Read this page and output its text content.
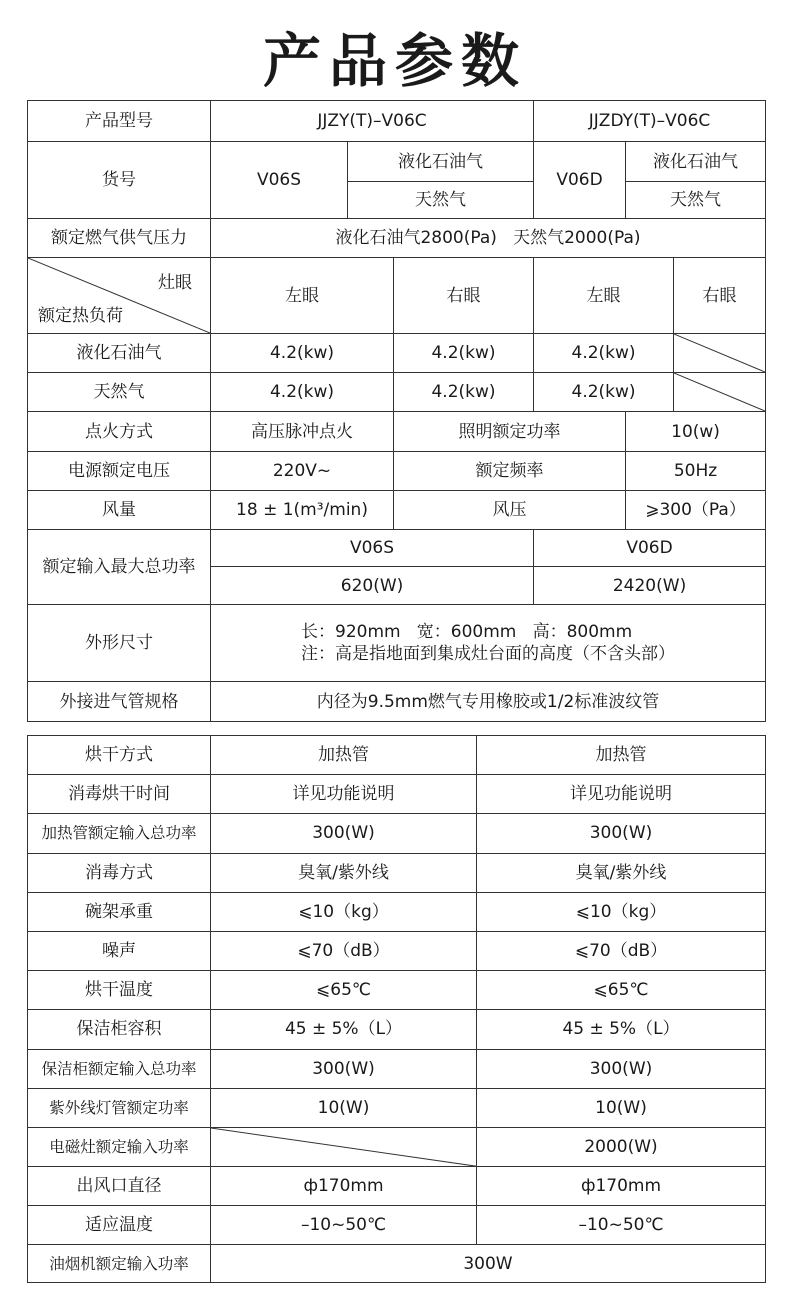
产品参数
产品型号	JJZY(T)–V06C			JJZDY(T)–V06C		
货号	V06S	液化石油气		V06D	液化石油气	
		天然气			天然气	
额定燃气供气压力	液化石油气2800(Pa)   天然气2000(Pa)					

灶眼
额定热负荷	左眼		右眼	左眼		右眼
液化石油气	4.2(kw)		4.2(kw)	4.2(kw)	

天然气	4.2(kw)		4.2(kw)	4.2(kw)	

点火方式	高压脉冲点火		照明额定功率		10(w)	
电源额定电压	220V~		额定频率		50Hz	
风量	18 ± 1(m³/min)		风压		⩾300（Pa）	
额定输入最大总功率	V06S			V06D		
	620(W)			2420(W)		
外形尺寸	长：920mm   宽：600mm   高：800mm
注：高是指地面到集成灶台面的高度（不含头部）					

外接进气管规格	内径为9.5mm燃气专用橡胶或1/2标准波纹管					
烘干方式	加热管	加热管
消毒烘干时间	详见功能说明	详见功能说明
加热管额定输入总功率	300(W)	300(W)
消毒方式	臭氧/紫外线	臭氧/紫外线
碗架承重	⩽10（kg）	⩽10（kg）
噪声	⩽70（dB）	⩽70（dB）
烘干温度	⩽65℃	⩽65℃
保洁柜容积	45 ± 5%（L）	45 ± 5%（L）
保洁柜额定输入总功率	300(W)	300(W)
紫外线灯管额定功率	10(W)	10(W)
电磁灶额定输入功率		2000(W)
出风口直径	ф170mm	ф170mm
适应温度	–10~50℃	–10~50℃
油烟机额定输入功率	300W	
